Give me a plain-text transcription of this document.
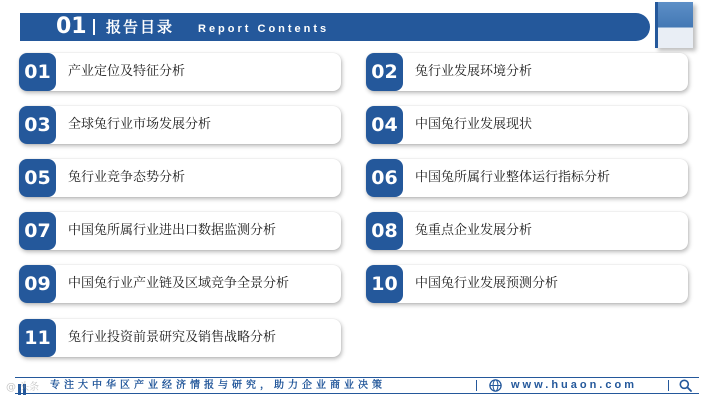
01 报告目录 Report Contents
01	产业定位及特征分析
03	全球兔行业市场发展分析
05	兔行业竞争态势分析
07	中国兔所属行业进出口数据监测分析
09	中国兔行业产业链及区域竞争全景分析
11	兔行业投资前景研究及销售战略分析
02	兔行业发展环境分析
04	中国兔行业发展现状
06	中国兔所属行业整体运行指标分析
08	兔重点企业发展分析
10	中国兔行业发展预测分析
专注大中华区产业经济情报与研究，助力企业商业决策	www.huaon.com
@ 头条
